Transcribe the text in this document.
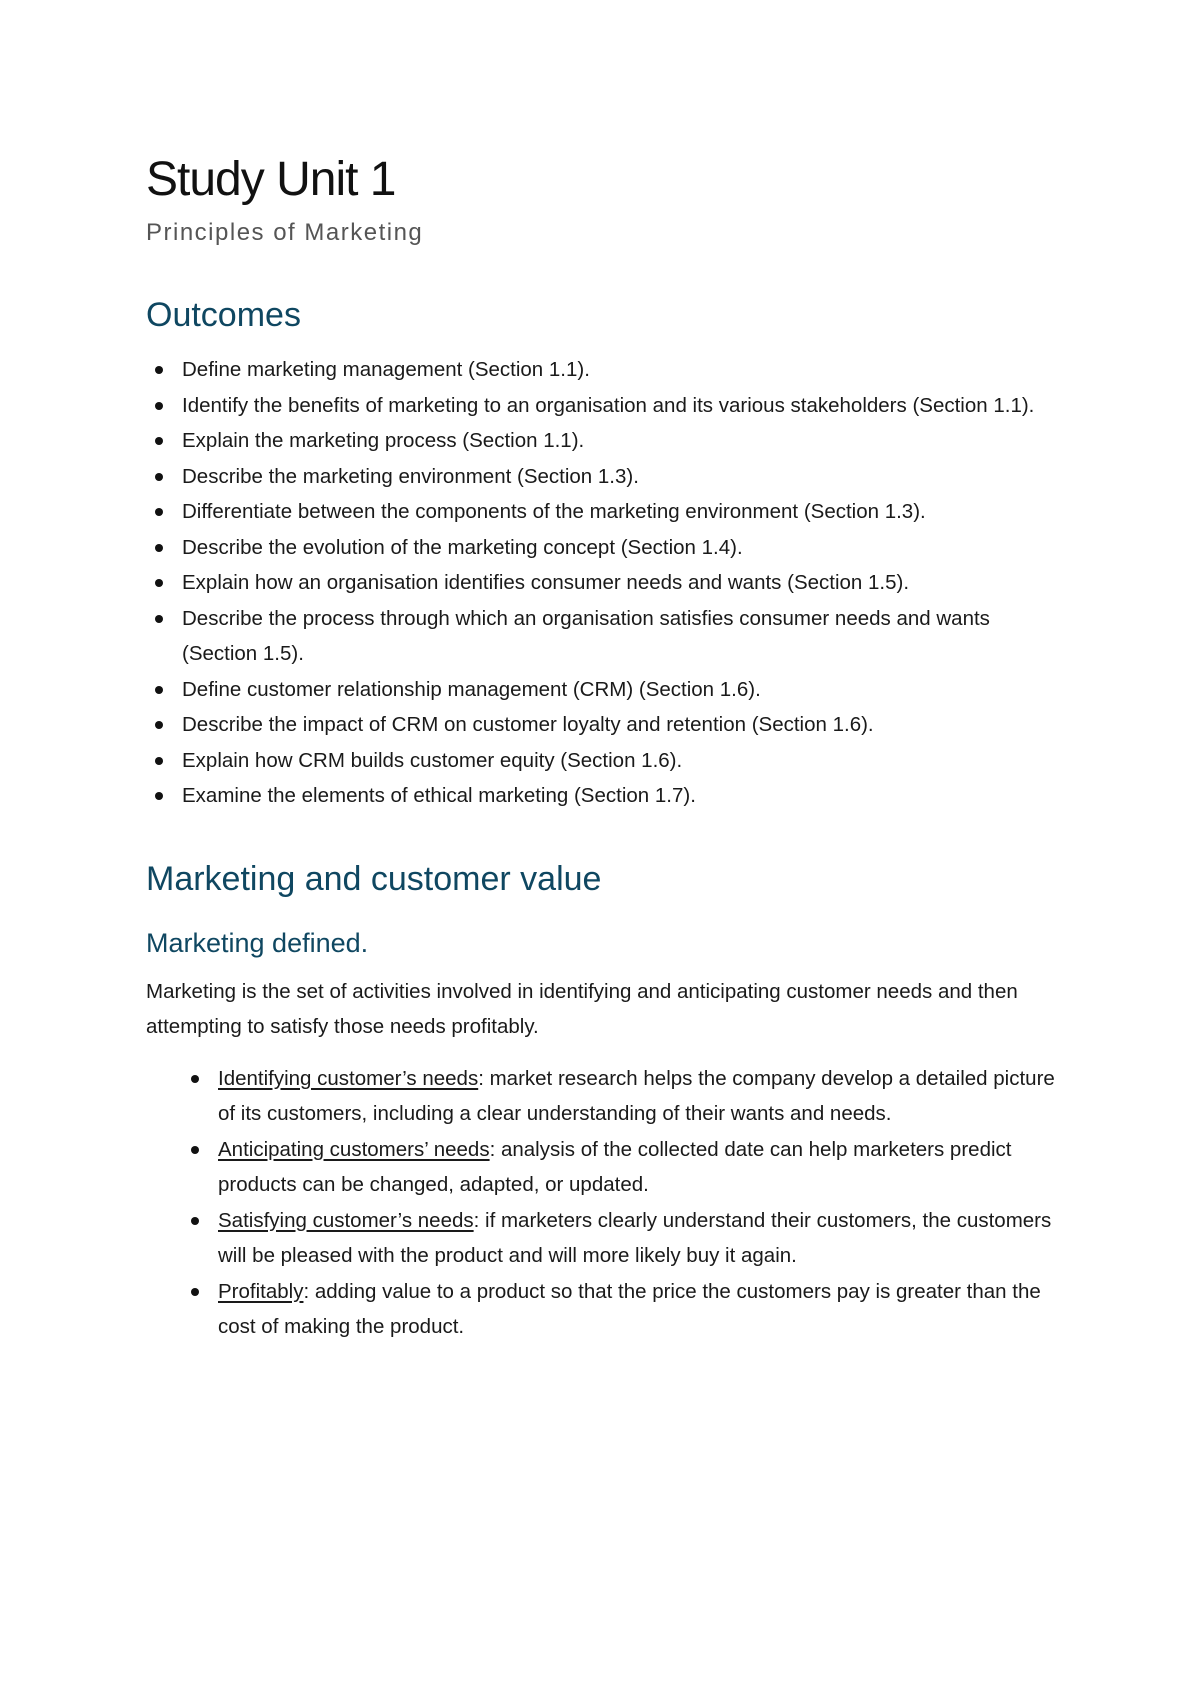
Study Unit 1
Principles of Marketing
Outcomes
Define marketing management (Section 1.1).
Identify the benefits of marketing to an organisation and its various stakeholders (Section 1.1).
Explain the marketing process (Section 1.1).
Describe the marketing environment (Section 1.3).
Differentiate between the components of the marketing environment (Section 1.3).
Describe the evolution of the marketing concept (Section 1.4).
Explain how an organisation identifies consumer needs and wants (Section 1.5).
Describe the process through which an organisation satisfies consumer needs and wants (Section 1.5).
Define customer relationship management (CRM) (Section 1.6).
Describe the impact of CRM on customer loyalty and retention (Section 1.6).
Explain how CRM builds customer equity (Section 1.6).
Examine the elements of ethical marketing (Section 1.7).
Marketing and customer value
Marketing defined.

Marketing is the set of activities involved in identifying and anticipating customer needs and then attempting to satisfy those needs profitably.

Identifying customer’s needs: market research helps the company develop a detailed picture of its customers, including a clear understanding of their wants and needs.
Anticipating customers’ needs: analysis of the collected date can help marketers predict products can be changed, adapted, or updated.
Satisfying customer’s needs: if marketers clearly understand their customers, the customers will be pleased with the product and will more likely buy it again.
Profitably: adding value to a product so that the price the customers pay is greater than the cost of making the product.
